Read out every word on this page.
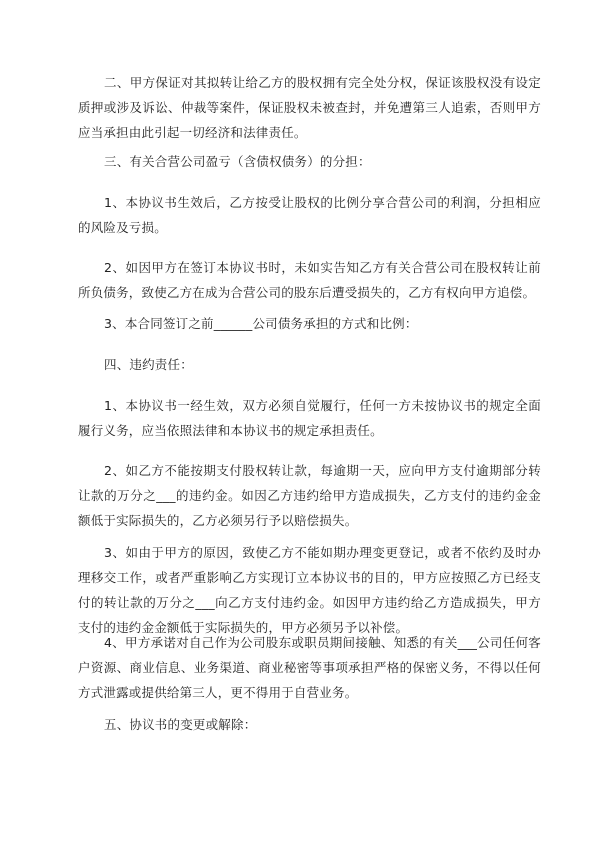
二、甲方保证对其拟转让给乙方的股权拥有完全处分权，保证该股权没有设定质押或涉及诉讼、仲裁等案件，保证股权未被查封，并免遭第三人追索，否则甲方应当承担由此引起一切经济和法律责任。

三、有关合营公司盈亏（含债权债务）的分担：

1、本协议书生效后，乙方按受让股权的比例分享合营公司的利润，分担相应的风险及亏损。

2、如因甲方在签订本协议书时，未如实告知乙方有关合营公司在股权转让前所负债务，致使乙方在成为合营公司的股东后遭受损失的，乙方有权向甲方追偿。

3、本合同签订之前______公司债务承担的方式和比例：

四、违约责任：

1、本协议书一经生效，双方必须自觉履行，任何一方未按协议书的规定全面履行义务，应当依照法律和本协议书的规定承担责任。

2、如乙方不能按期支付股权转让款，每逾期一天，应向甲方支付逾期部分转让款的万分之___的违约金。如因乙方违约给甲方造成损失，乙方支付的违约金金额低于实际损失的，乙方必须另行予以赔偿损失。

3、如由于甲方的原因，致使乙方不能如期办理变更登记，或者不依约及时办理移交工作，或者严重影响乙方实现订立本协议书的目的，甲方应按照乙方已经支付的转让款的万分之___向乙方支付违约金。如因甲方违约给乙方造成损失，甲方支付的违约金金额低于实际损失的，甲方必须另予以补偿。

4、甲方承诺对自己作为公司股东或职员期间接触、知悉的有关___公司任何客户资源、商业信息、业务渠道、商业秘密等事项承担严格的保密义务，不得以任何方式泄露或提供给第三人，更不得用于自营业务。

五、协议书的变更或解除：
